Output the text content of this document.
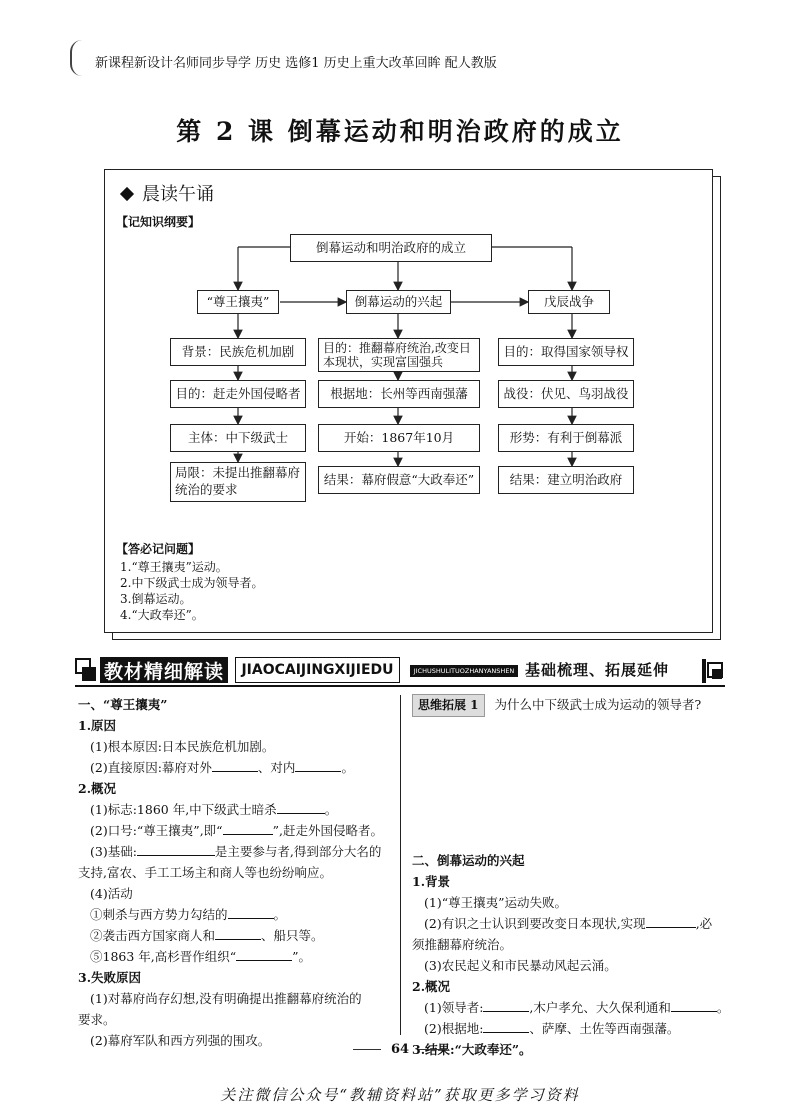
新课程新设计名师同步导学 历史 选修1 历史上重大改革回眸 配人教版
第 2 课 倒幕运动和明治政府的成立
晨读午诵
【记知识纲要】
倒幕运动和明治政府的成立
“尊王攘夷”	倒幕运动的兴起	戊辰战争
背景：民族危机加剧
目的：赶走外国侵略者
主体：中下级武士
局限：未提出推翻幕府统治的要求
目的：推翻幕府统治,改变日本现状，实现富国强兵
根据地：长州等西南强藩
开始：1867年10月
结果：幕府假意“大政奉还”
目的：取得国家领导权
战役：伏见、鸟羽战役
形势：有利于倒幕派
结果：建立明治政府
【答必记问题】
1.“尊王攘夷”运动。
2.中下级武士成为领导者。
3.倒幕运动。
4.“大政奉还”。
教材精细解读	JIAOCAIJINGXIJIEDU	JICHUSHULITUOZHANYANSHEN 基础梳理、拓展延伸
一、“尊王攘夷”
1.原因
(1)根本原因:日本民族危机加剧。
(2)直接原因:幕府对外	、对内	。
2.概况
(1)标志:1860 年,中下级武士暗杀	。
(2)口号:“尊王攘夷”,即“	”,赶走外国侵略者。
(3)基础:	是主要参与者,得到部分大名的
支持,富农、手工工场主和商人等也纷纷响应。
(4)活动
①刺杀与西方势力勾结的	。
②袭击西方国家商人和	、船只等。
⑤1863 年,高杉晋作组织“	”。
3.失败原因
(1)对幕府尚存幻想,没有明确提出推翻幕府统治的
要求。
(2)幕府军队和西方列强的围攻。
思维拓展 1 为什么中下级武士成为运动的领导者?
二、倒幕运动的兴起
1.背景
(1)“尊王攘夷”运动失败。
(2)有识之士认识到要改变日本现状,实现	,必
须推翻幕府统治。
(3)农民起义和市民暴动风起云涌。
2.概况
(1)领导者:	,木户孝允、大久保利通和	。
(2)根据地:	、萨摩、土佐等西南强藩。
3.结果:“大政奉还”。
64
关注微信公众号“教辅资料站”获取更多学习资料
